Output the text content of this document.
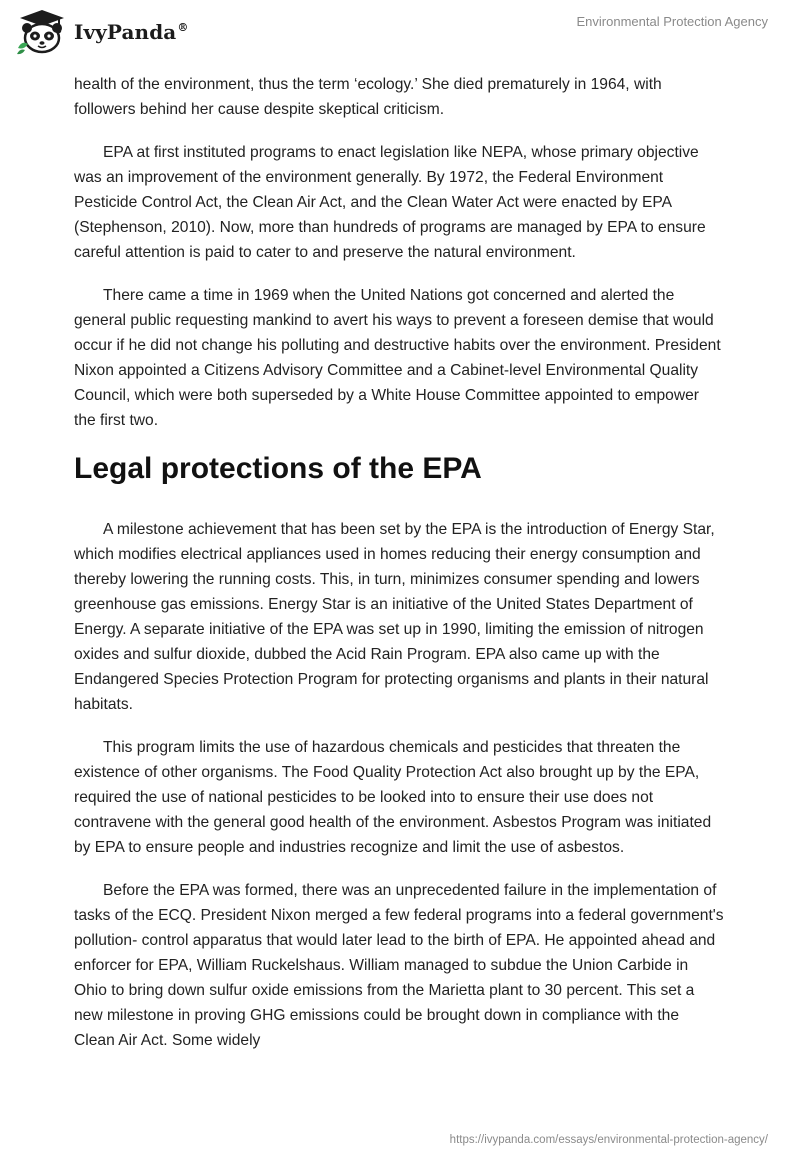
IvyPanda®	Environmental Protection Agency

health of the environment, thus the term ‘ecology.’ She died prematurely in 1964, with followers behind her cause despite skeptical criticism.

EPA at first instituted programs to enact legislation like NEPA, whose primary objective was an improvement of the environment generally. By 1972, the Federal Environment Pesticide Control Act, the Clean Air Act, and the Clean Water Act were enacted by EPA (Stephenson, 2010). Now, more than hundreds of programs are managed by EPA to ensure careful attention is paid to cater to and preserve the natural environment.

There came a time in 1969 when the United Nations got concerned and alerted the general public requesting mankind to avert his ways to prevent a foreseen demise that would occur if he did not change his polluting and destructive habits over the environment. President Nixon appointed a Citizens Advisory Committee and a Cabinet-level Environmental Quality Council, which were both superseded by a White House Committee appointed to empower the first two.

Legal protections of the EPA

A milestone achievement that has been set by the EPA is the introduction of Energy Star, which modifies electrical appliances used in homes reducing their energy consumption and thereby lowering the running costs. This, in turn, minimizes consumer spending and lowers greenhouse gas emissions. Energy Star is an initiative of the United States Department of Energy. A separate initiative of the EPA was set up in 1990, limiting the emission of nitrogen oxides and sulfur dioxide, dubbed the Acid Rain Program. EPA also came up with the Endangered Species Protection Program for protecting organisms and plants in their natural habitats.

This program limits the use of hazardous chemicals and pesticides that threaten the existence of other organisms. The Food Quality Protection Act also brought up by the EPA, required the use of national pesticides to be looked into to ensure their use does not contravene with the general good health of the environment. Asbestos Program was initiated by EPA to ensure people and industries recognize and limit the use of asbestos.

Before the EPA was formed, there was an unprecedented failure in the implementation of tasks of the ECQ. President Nixon merged a few federal programs into a federal government's pollution- control apparatus that would later lead to the birth of EPA. He appointed ahead and enforcer for EPA, William Ruckelshaus. William managed to subdue the Union Carbide in Ohio to bring down sulfur oxide emissions from the Marietta plant to 30 percent. This set a new milestone in proving GHG emissions could be brought down in compliance with the Clean Air Act. Some widely

https://ivypanda.com/essays/environmental-protection-agency/
